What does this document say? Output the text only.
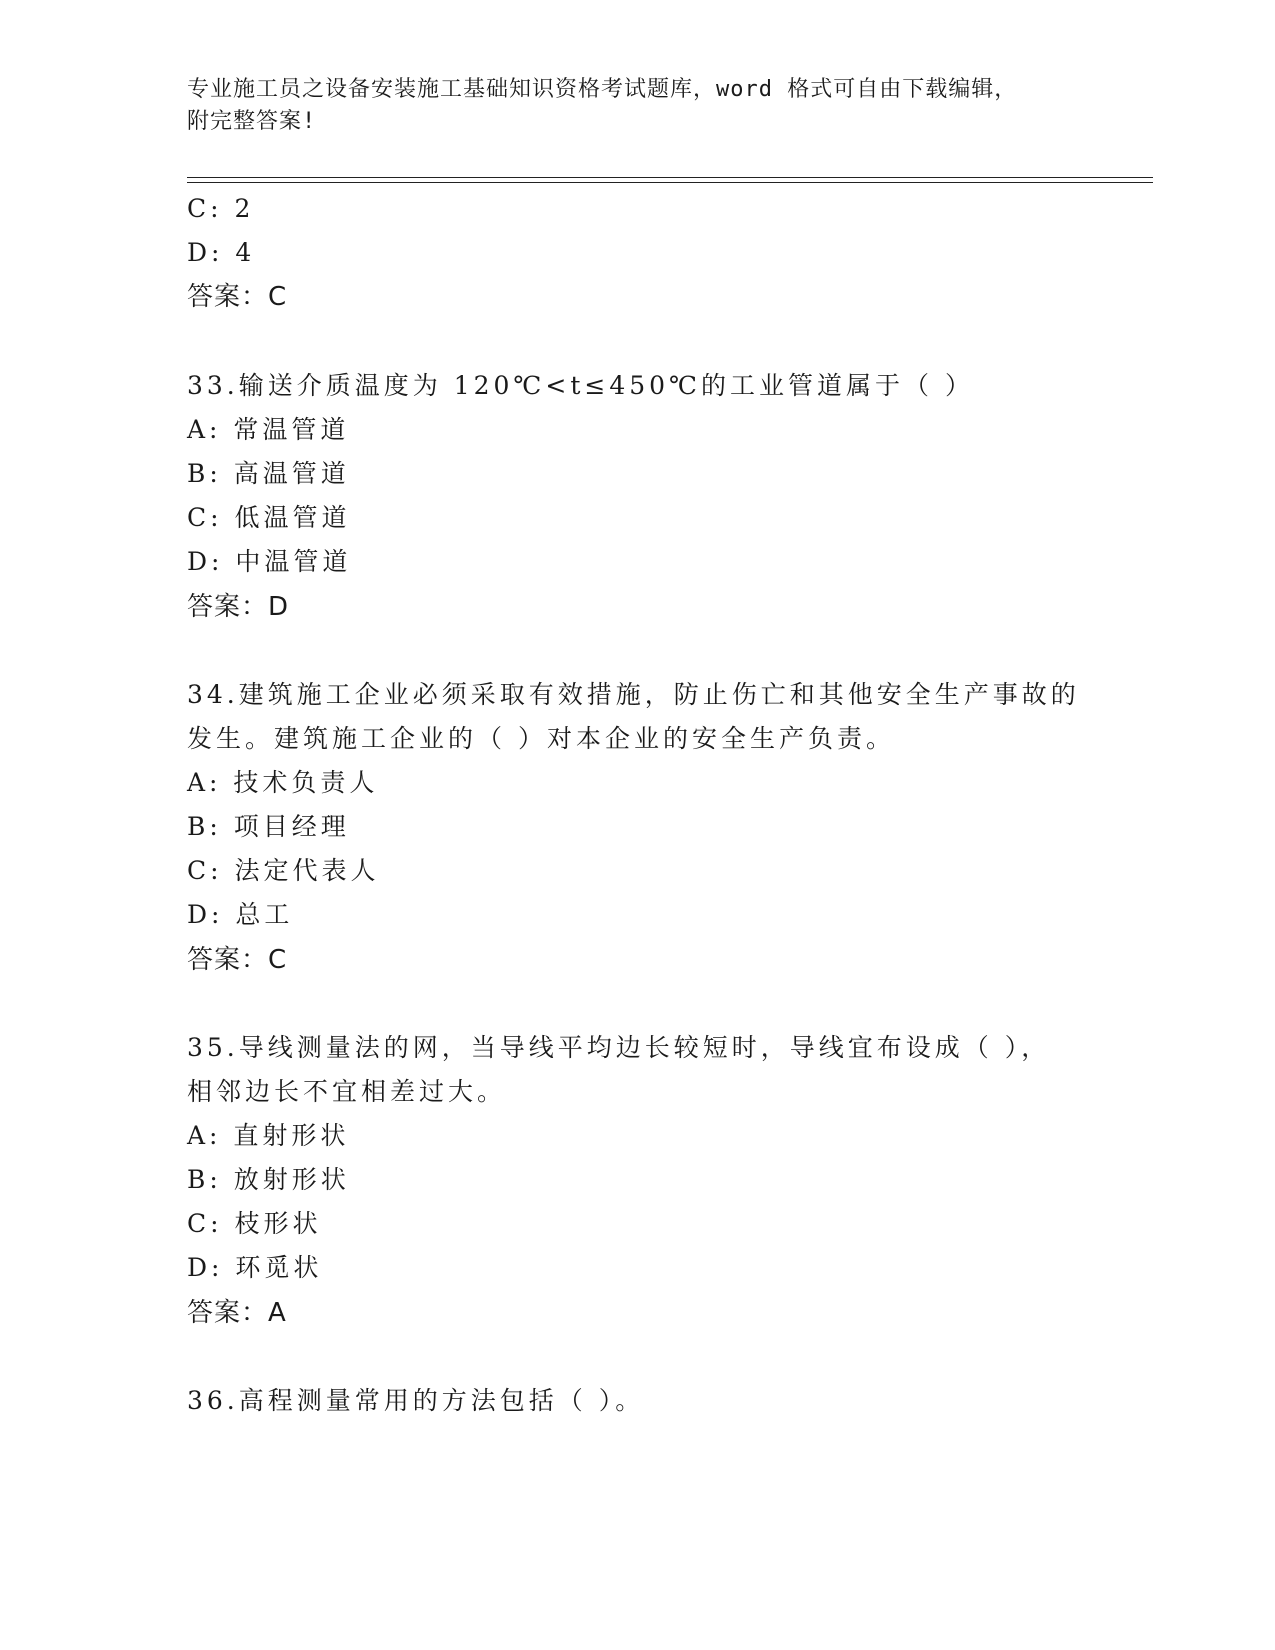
专业施工员之设备安装施工基础知识资格考试题库，word 格式可自由下载编辑，
附完整答案!
C: 2
D: 4
答案：C
33.输送介质温度为 120℃<t≤450℃的工业管道属于（ ）
A: 常温管道
B: 高温管道
C: 低温管道
D: 中温管道
答案：D
34.建筑施工企业必须采取有效措施，防止伤亡和其他安全生产事故的
发生。建筑施工企业的（ ）对本企业的安全生产负责。
A: 技术负责人
B: 项目经理
C: 法定代表人
D: 总工
答案：C
35.导线测量法的网，当导线平均边长较短时，导线宜布设成（ ），
相邻边长不宜相差过大。
A: 直射形状
B: 放射形状
C: 枝形状
D: 环觅状
答案：A
36.高程测量常用的方法包括（ ）。
